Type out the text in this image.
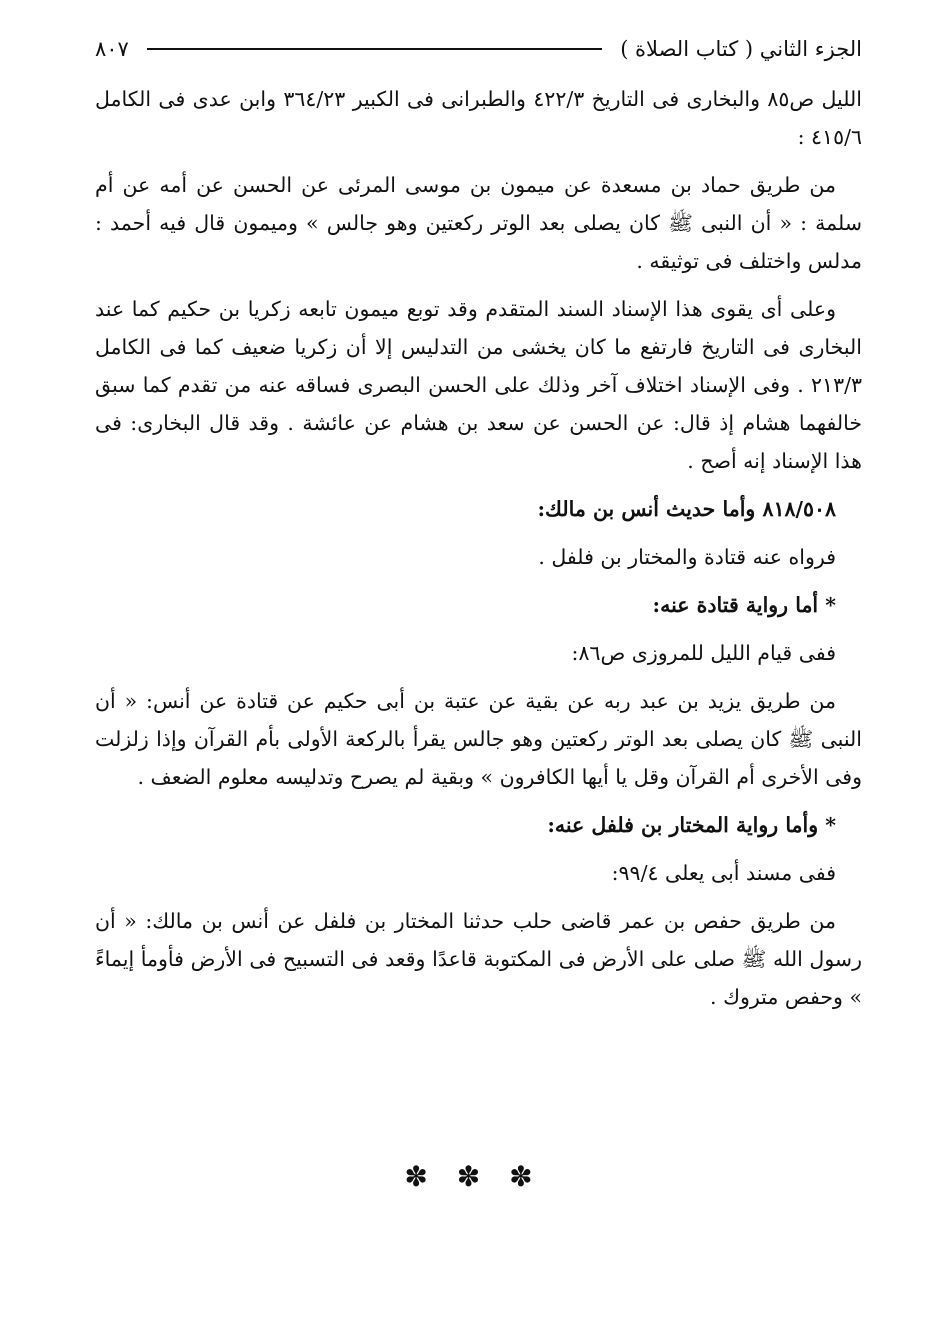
الجزء الثاني ( كتاب الصلاة )
٨٠٧

الليل ص٨٥ والبخارى فى التاريخ ٤٢٢/٣ والطبرانى فى الكبير ٣٦٤/٢٣ وابن عدى فى الكامل ٤١٥/٦ :

من طريق حماد بن مسعدة عن ميمون بن موسى المرئى عن الحسن عن أمه عن أم سلمة : « أن النبى ﷺ كان يصلى بعد الوتر ركعتين وهو جالس » وميمون قال فيه أحمد : مدلس واختلف فى توثيقه .

وعلى أى يقوى هذا الإسناد السند المتقدم وقد توبع ميمون تابعه زكريا بن حكيم كما عند البخارى فى التاريخ فارتفع ما كان يخشى من التدليس إلا أن زكريا ضعيف كما فى الكامل ٢١٣/٣ . وفى الإسناد اختلاف آخر وذلك على الحسن البصرى فساقه عنه من تقدم كما سبق خالفهما هشام إذ قال: عن الحسن عن سعد بن هشام عن عائشة . وقد قال البخارى: فى هذا الإسناد إنه أصح .

٨١٨/٥٠٨ وأما حديث أنس بن مالك:

فرواه عنه قتادة والمختار بن فلفل .

* أما رواية قتادة عنه:

ففى قيام الليل للمروزى ص٨٦:

من طريق يزيد بن عبد ربه عن بقية عن عتبة بن أبى حكيم عن قتادة عن أنس: « أن النبى ﷺ كان يصلى بعد الوتر ركعتين وهو جالس يقرأ بالركعة الأولى بأم القرآن وإذا زلزلت وفى الأخرى أم القرآن وقل يا أيها الكافرون » وبقية لم يصرح وتدليسه معلوم الضعف .

* وأما رواية المختار بن فلفل عنه:

ففى مسند أبى يعلى ٩٩/٤:

من طريق حفص بن عمر قاضى حلب حدثنا المختار بن فلفل عن أنس بن مالك: « أن رسول الله ﷺ صلى على الأرض فى المكتوبة قاعدًا وقعد فى التسبيح فى الأرض فأومأ إيماءً » وحفص متروك .

✽ ✽ ✽
